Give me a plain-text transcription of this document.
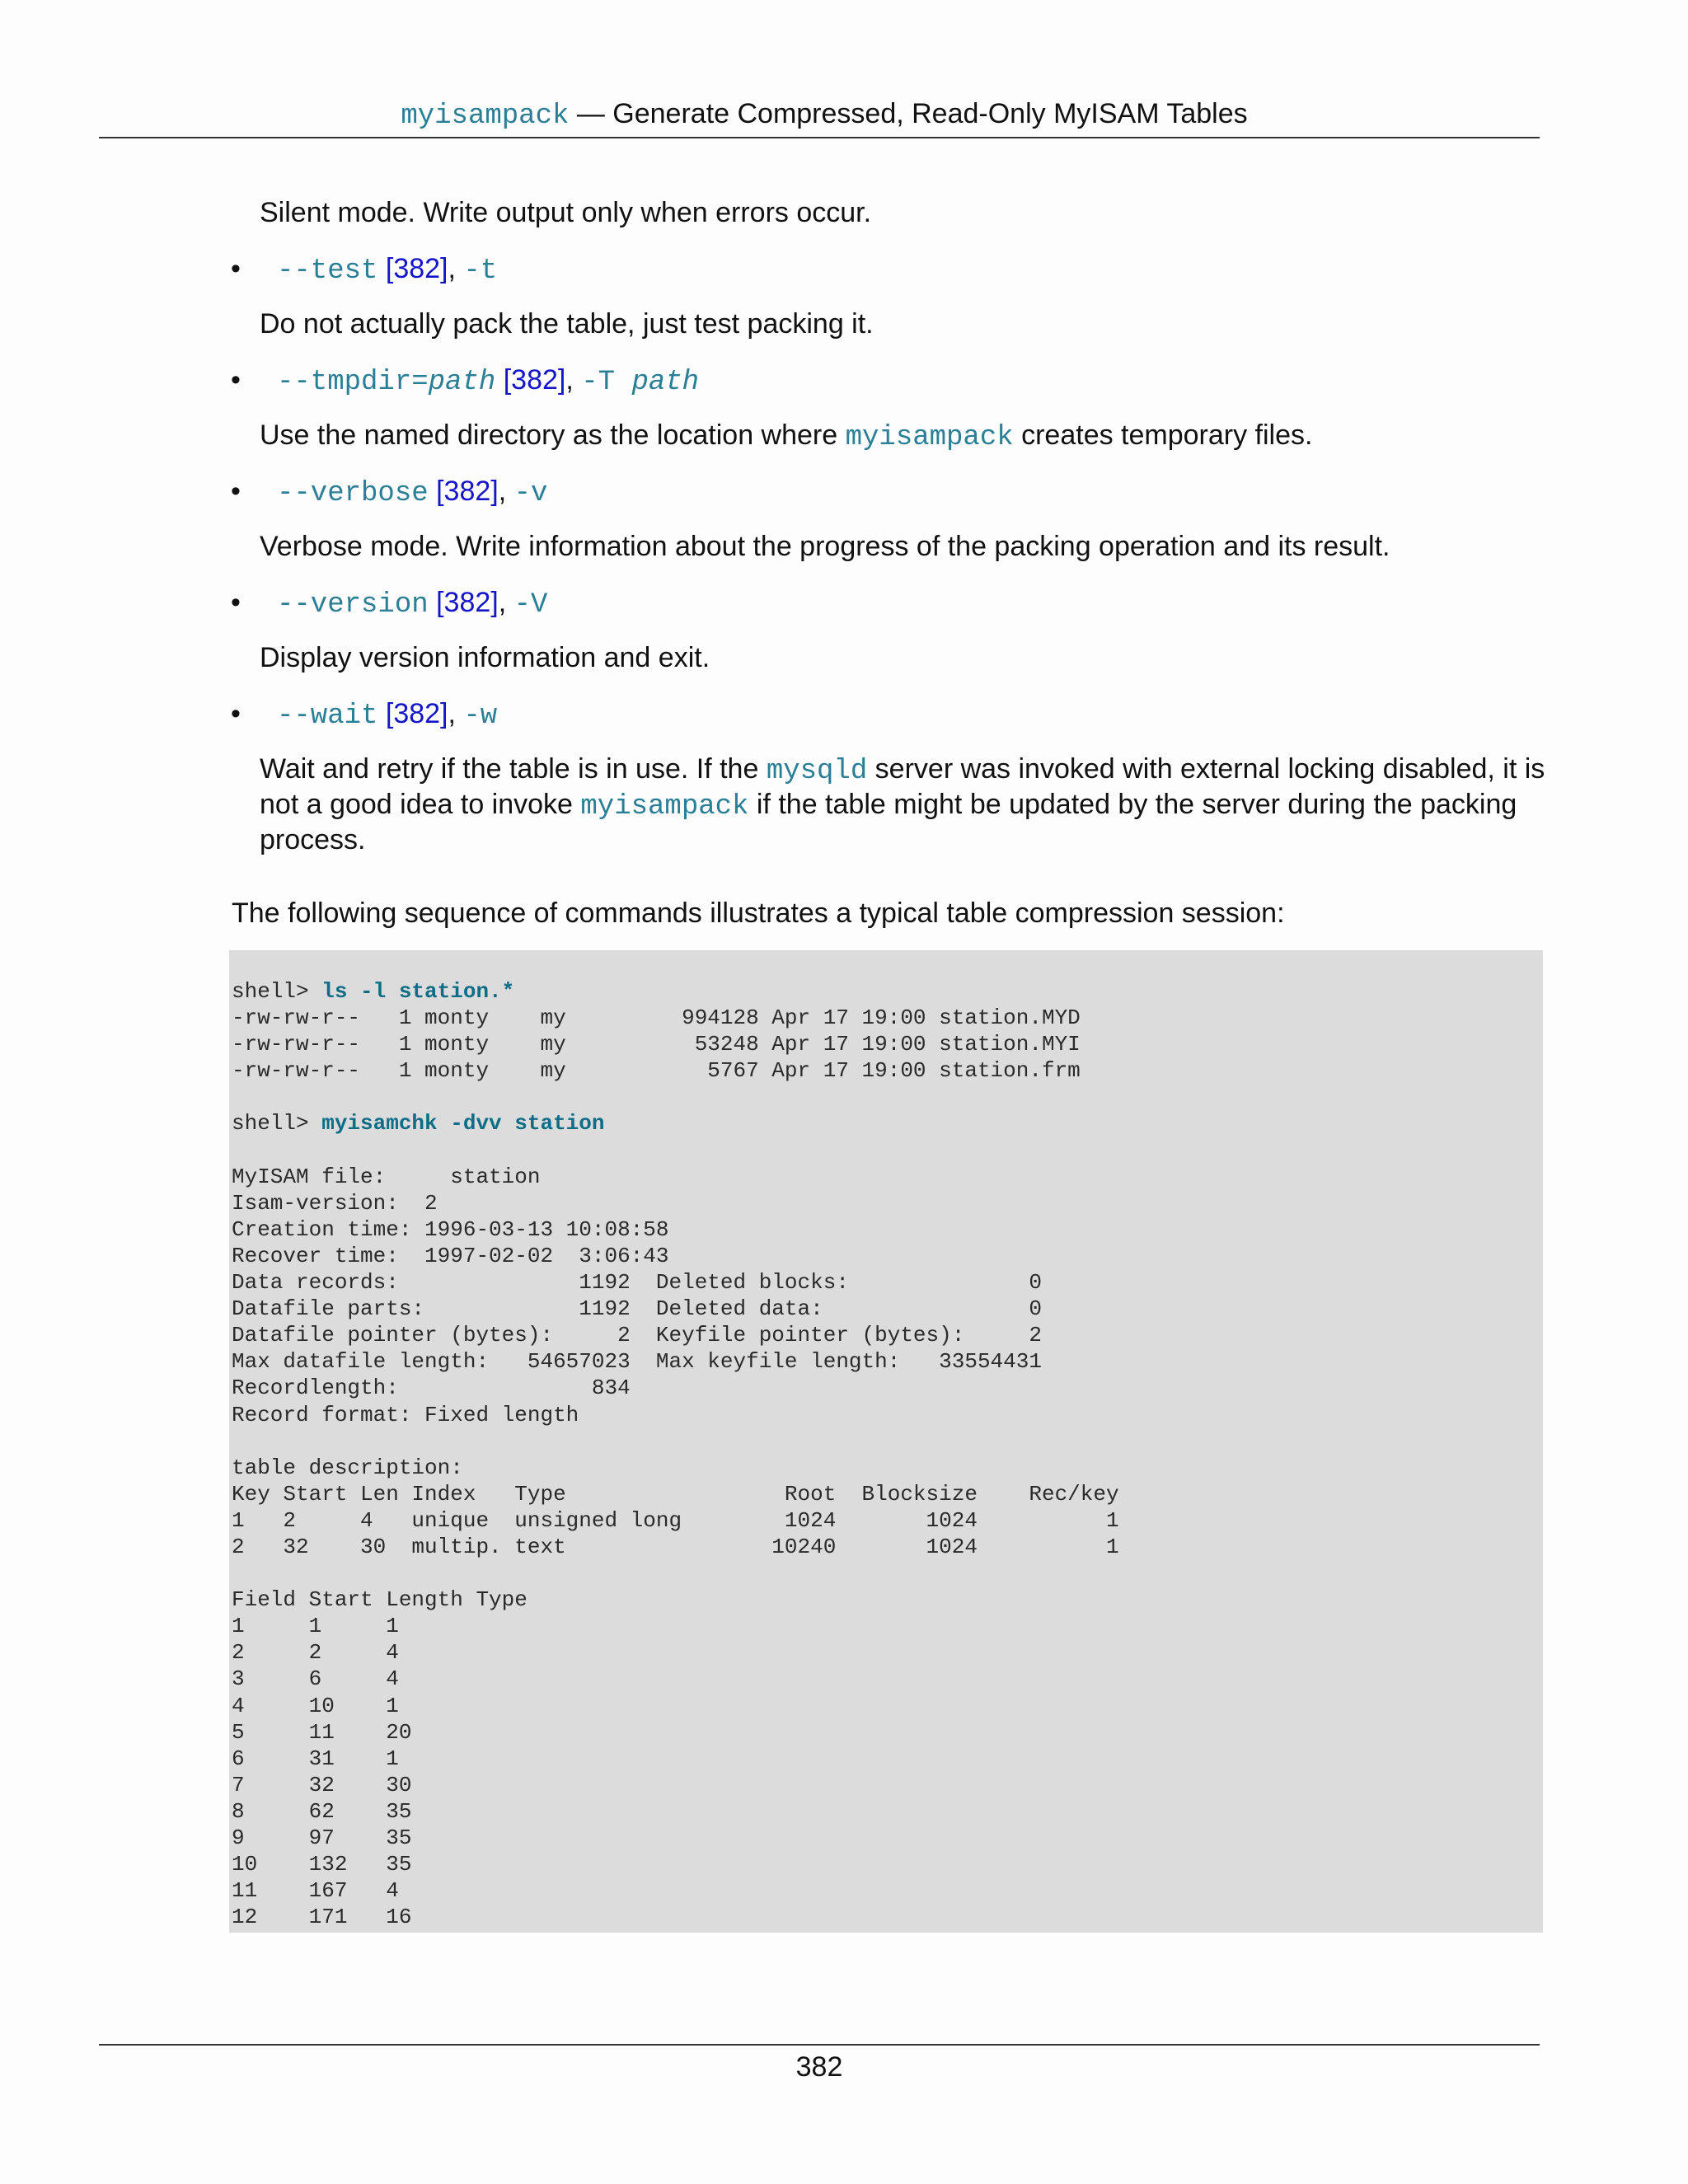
myisampack — Generate Compressed, Read-Only MyISAM Tables

Silent mode. Write output only when errors occur.

• --test [382], -t

Do not actually pack the table, just test packing it.

• --tmpdir=path [382], -T path

Use the named directory as the location where myisampack creates temporary files.

• --verbose [382], -v

Verbose mode. Write information about the progress of the packing operation and its result.

• --version [382], -V

Display version information and exit.

• --wait [382], -w

Wait and retry if the table is in use. If the mysqld server was invoked with external locking disabled, it is not a good idea to invoke myisampack if the table might be updated by the server during the packing process.

The following sequence of commands illustrates a typical table compression session:

shell> ls -l station.*
-rw-rw-r--   1 monty    my         994128 Apr 17 19:00 station.MYD
-rw-rw-r--   1 monty    my          53248 Apr 17 19:00 station.MYI
-rw-rw-r--   1 monty    my           5767 Apr 17 19:00 station.frm

shell> myisamchk -dvv station

MyISAM file:     station
Isam-version:  2
Creation time: 1996-03-13 10:08:58
Recover time:  1997-02-02  3:06:43
Data records:              1192  Deleted blocks:              0
Datafile parts:            1192  Deleted data:                0
Datafile pointer (bytes):     2  Keyfile pointer (bytes):     2
Max datafile length:   54657023  Max keyfile length:   33554431
Recordlength:               834
Record format: Fixed length

table description:
Key Start Len Index   Type                 Root  Blocksize    Rec/key
1   2     4   unique  unsigned long        1024       1024          1
2   32    30  multip. text                10240       1024          1

Field Start Length Type
1     1     1
2     2     4
3     6     4
4     10    1
5     11    20
6     31    1
7     32    30
8     62    35
9     97    35
10    132   35
11    167   4
12    171   16
382
